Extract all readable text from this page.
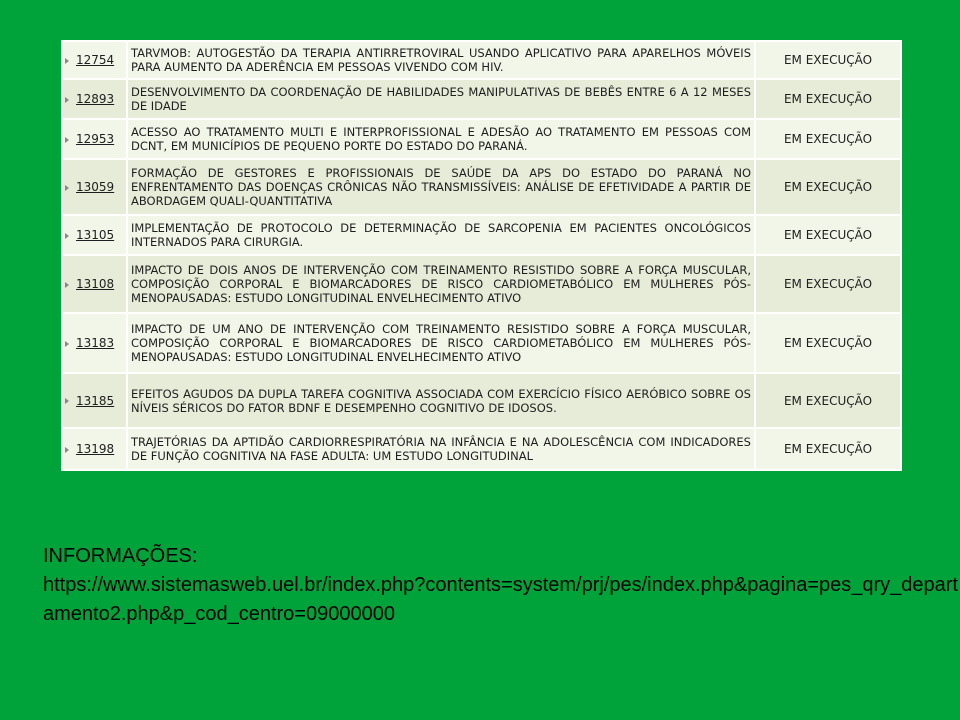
12754	TARVMOB: AUTOGESTÃO DA TERAPIA ANTIRRETROVIRAL USANDO APLICATIVO PARA APARELHOS MÓVEIS PARA AUMENTO DA ADERÊNCIA EM PESSOAS VIVENDO COM HIV.	EM EXECUÇÃO
12893	DESENVOLVIMENTO DA COORDENAÇÃO DE HABILIDADES MANIPULATIVAS DE BEBÊS ENTRE 6 A 12 MESES DE IDADE	EM EXECUÇÃO
12953	ACESSO AO TRATAMENTO MULTI E INTERPROFISSIONAL E ADESÃO AO TRATAMENTO EM PESSOAS COM DCNT, EM MUNICÍPIOS DE PEQUENO PORTE DO ESTADO DO PARANÁ.	EM EXECUÇÃO
13059	FORMAÇÃO DE GESTORES E PROFISSIONAIS DE SAÚDE DA APS DO ESTADO DO PARANÁ NO ENFRENTAMENTO DAS DOENÇAS CRÔNICAS NÃO TRANSMISSÍVEIS: ANÁLISE DE EFETIVIDADE A PARTIR DE ABORDAGEM QUALI-QUANTITATIVA	EM EXECUÇÃO
13105	IMPLEMENTAÇÃO DE PROTOCOLO DE DETERMINAÇÃO DE SARCOPENIA EM PACIENTES ONCOLÓGICOS INTERNADOS PARA CIRURGIA.	EM EXECUÇÃO
13108	IMPACTO DE DOIS ANOS DE INTERVENÇÃO COM TREINAMENTO RESISTIDO SOBRE A FORÇA MUSCULAR, COMPOSIÇÃO CORPORAL E BIOMARCADORES DE RISCO CARDIOMETABÓLICO EM MULHERES PÓS-MENOPAUSADAS: ESTUDO LONGITUDINAL ENVELHECIMENTO ATIVO	EM EXECUÇÃO
13183	IMPACTO DE UM ANO DE INTERVENÇÃO COM TREINAMENTO RESISTIDO SOBRE A FORÇA MUSCULAR, COMPOSIÇÃO CORPORAL E BIOMARCADORES DE RISCO CARDIOMETABÓLICO EM MULHERES PÓS-MENOPAUSADAS: ESTUDO LONGITUDINAL ENVELHECIMENTO ATIVO	EM EXECUÇÃO
13185	EFEITOS AGUDOS DA DUPLA TAREFA COGNITIVA ASSOCIADA COM EXERCÍCIO FÍSICO AERÓBICO SOBRE OS NÍVEIS SÉRICOS DO FATOR BDNF E DESEMPENHO COGNITIVO DE IDOSOS.	EM EXECUÇÃO
13198	TRAJETÓRIAS DA APTIDÃO CARDIORRESPIRATÓRIA NA INFÂNCIA E NA ADOLESCÊNCIA COM INDICADORES DE FUNÇÃO COGNITIVA NA FASE ADULTA: UM ESTUDO LONGITUDINAL	EM EXECUÇÃO
INFORMAÇÕES:
https://www.sistemasweb.uel.br/index.php?contents=system/prj/pes/index.php&pagina=pes_qry_departamento2.php&p_cod_centro=09000000
